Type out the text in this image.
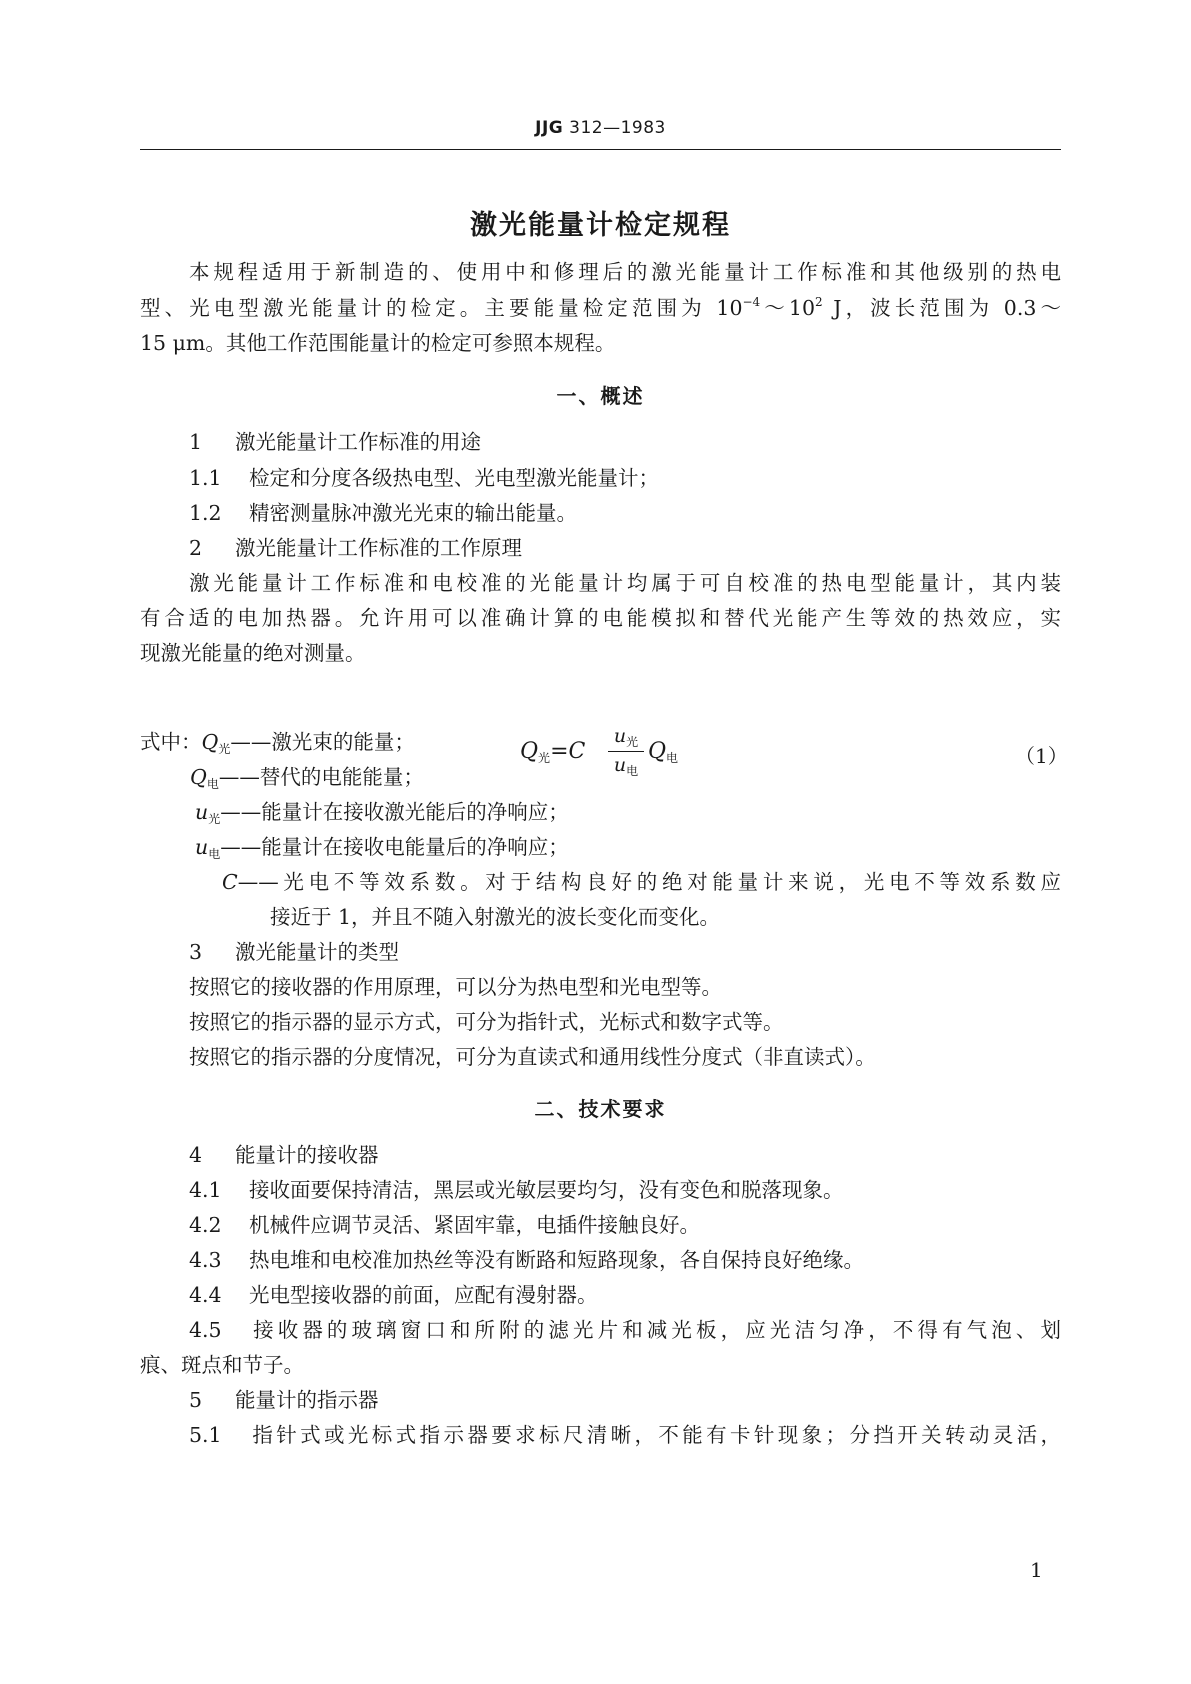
JJG 312—1983
激光能量计检定规程
本规程适用于新制造的、使用中和修理后的激光能量计工作标准和其他级别的热电
型、光电型激光能量计的检定。主要能量检定范围为 $10^{-4}\sim 10^2$ J，波长范围为 0.3～
15 μm。其他工作范围能量计的检定可参照本规程。
一、概述
1 激光能量计工作标准的用途
1.1 检定和分度各级热电型、光电型激光能量计；
1.2 精密测量脉冲激光光束的输出能量。
2 激光能量计工作标准的工作原理
激光能量计工作标准和电校准的光能量计均属于可自校准的热电型能量计，其内装
有合适的电加热器。允许用可以准确计算的电能模拟和替代光能产生等效的热效应，实
现激光能量的绝对测量。
Q光=C
$u_光$
$u_电$
Q电	（1）
式中：Q光——激光束的能量；
Q电——替代的电能能量；
u光——能量计在接收激光能后的净响应；
u电——能量计在接收电能量后的净响应；
C——光电不等效系数。对于结构良好的绝对能量计来说，光电不等效系数应
接近于 1，并且不随入射激光的波长变化而变化。
3 激光能量计的类型
按照它的接收器的作用原理，可以分为热电型和光电型等。
按照它的指示器的显示方式，可分为指针式，光标式和数字式等。
按照它的指示器的分度情况，可分为直读式和通用线性分度式（非直读式）。
二、技术要求
4 能量计的接收器
4.1 接收面要保持清洁，黑层或光敏层要均匀，没有变色和脱落现象。
4.2 机械件应调节灵活、紧固牢靠，电插件接触良好。
4.3 热电堆和电校准加热丝等没有断路和短路现象，各自保持良好绝缘。
4.4 光电型接收器的前面，应配有漫射器。
4.5 接收器的玻璃窗口和所附的滤光片和减光板，应光洁匀净，不得有气泡、划
痕、斑点和节子。
5 能量计的指示器
5.1 指针式或光标式指示器要求标尺清晰，不能有卡针现象；分挡开关转动灵活，
1
